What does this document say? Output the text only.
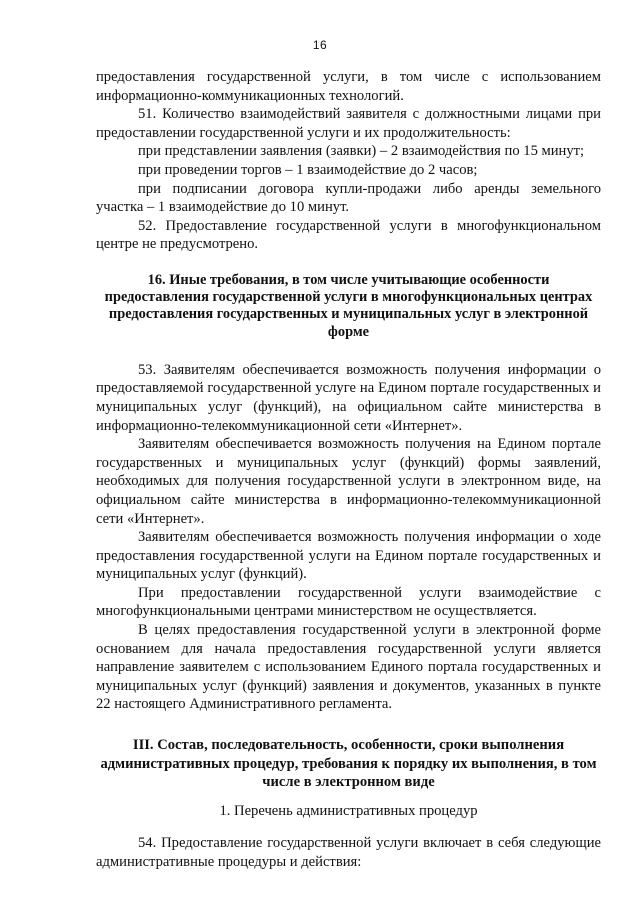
16

предоставления государственной услуги, в том числе с использованием информационно-коммуникационных технологий.

51. Количество взаимодействий заявителя с должностными лицами при предоставлении государственной услуги и их продолжительность:

при представлении заявления (заявки) – 2 взаимодействия по 15 минут;

при проведении торгов – 1 взаимодействие до 2 часов;

при подписании договора купли-продажи либо аренды земельного участка – 1 взаимодействие до 10 минут.

52. Предоставление государственной услуги в многофункциональном центре не предусмотрено.

16. Иные требования, в том числе учитывающие особенности предоставления государственной услуги в многофункциональных центрах предоставления государственных и муниципальных услуг в электронной форме

53. Заявителям обеспечивается возможность получения информации о предоставляемой государственной услуге на Едином портале государственных и муниципальных услуг (функций), на официальном сайте министерства в информационно-телекоммуникационной сети «Интернет».

Заявителям обеспечивается возможность получения на Едином портале государственных и муниципальных услуг (функций) формы заявлений, необходимых для получения государственной услуги в электронном виде, на официальном сайте министерства в информационно-телекоммуникационной сети «Интернет».

Заявителям обеспечивается возможность получения информации о ходе предоставления государственной услуги на Едином портале государственных и муниципальных услуг (функций).

При предоставлении государственной услуги взаимодействие с многофункциональными центрами министерством не осуществляется.

В целях предоставления государственной услуги в электронной форме основанием для начала предоставления государственной услуги является направление заявителем с использованием Единого портала государственных и муниципальных услуг (функций) заявления и документов, указанных в пункте 22 настоящего Административного регламента.

III. Состав, последовательность, особенности, сроки выполнения административных процедур, требования к порядку их выполнения, в том числе в электронном виде

1. Перечень административных процедур

54. Предоставление государственной услуги включает в себя следующие административные процедуры и действия:
